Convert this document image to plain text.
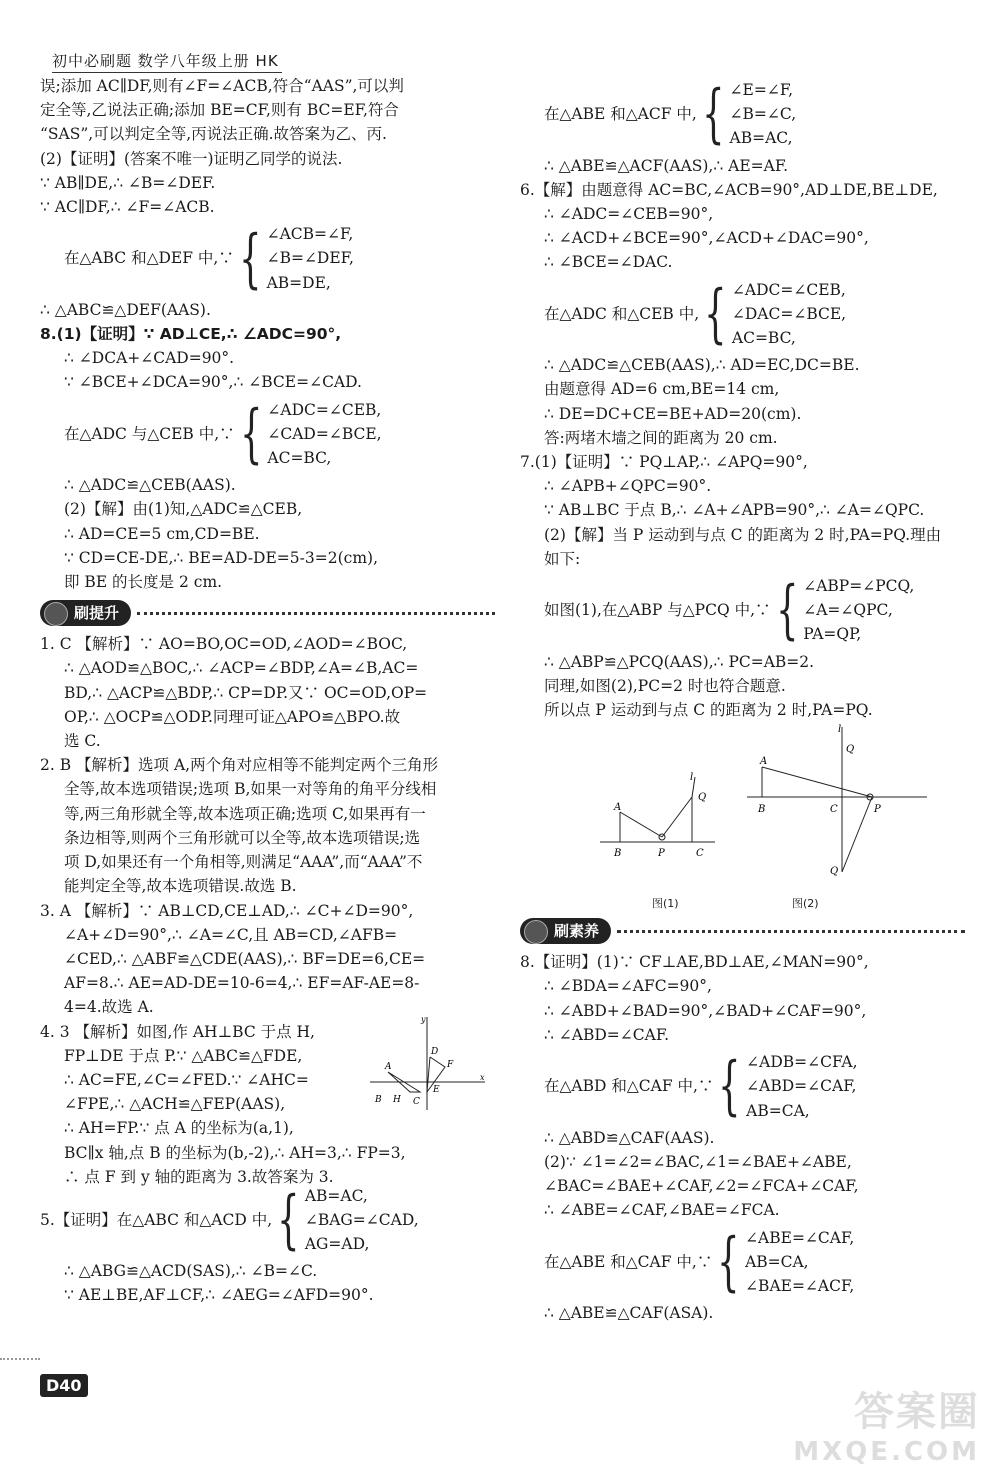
初中必刷题 数学八年级上册 HK
误;添加 AC∥DF,则有∠F=∠ACB,符合“AAS”,可以判
定全等,乙说法正确;添加 BE=CF,则有 BC=EF,符合
“SAS”,可以判定全等,丙说法正确.故答案为乙、丙.
(2)【证明】(答案不唯一)证明乙同学的说法.
∵ AB∥DE,∴ ∠B=∠DEF.
∵ AC∥DF,∴ ∠F=∠ACB.
在△ABC 和△DEF 中,∵ { ∠ACB=∠F,
∠B=∠DEF,
AB=DE,
∴ △ABC≌△DEF(AAS).
8.(1)【证明】∵ AD⊥CE,∴ ∠ADC=90°,
∴ ∠DCA+∠CAD=90°.
∵ ∠BCE+∠DCA=90°,∴ ∠BCE=∠CAD.
在△ADC 与△CEB 中,∵ { ∠ADC=∠CEB,
∠CAD=∠BCE,
AC=BC,
∴ △ADC≌△CEB(AAS).
(2)【解】由(1)知,△ADC≌△CEB,
∴ AD=CE=5 cm,CD=BE.
∵ CD=CE-DE,∴ BE=AD-DE=5-3=2(cm),
即 BE 的长度是 2 cm.
刷提升
1. C 【解析】∵ AO=BO,OC=OD,∠AOD=∠BOC,
∴ △AOD≌△BOC,∴ ∠ACP=∠BDP,∠A=∠B,AC=
BD,∴ △ACP≌△BDP,∴ CP=DP.又∵ OC=OD,OP=
OP,∴ △OCP≌△ODP.同理可证△APO≌△BPO.故
选 C.
2. B 【解析】选项 A,两个角对应相等不能判定两个三角形
全等,故本选项错误;选项 B,如果一对等角的角平分线相
等,两三角形就全等,故本选项正确;选项 C,如果再有一
条边相等,则两个三角形就可以全等,故本选项错误;选
项 D,如果还有一个角相等,则满足“AAA”,而“AAA”不
能判定全等,故本选项错误.故选 B.
3. A 【解析】∵ AB⊥CD,CE⊥AD,∴ ∠C+∠D=90°,
∠A+∠D=90°,∴ ∠A=∠C,且 AB=CD,∠AFB=
∠CED,∴ △ABF≌△CDE(AAS),∴ BF=DE=6,CE=
AF=8.∴ AE=AD-DE=10-6=4,∴ EF=AF-AE=8-
4=4.故选 A.
4. 3 【解析】如图,作 AH⊥BC 于点 H,
FP⊥DE 于点 P.∵ △ABC≌△FDE,
∴ AC=FE,∠C=∠FED.∵ ∠AHC=
∠FPE,∴ △ACH≌△FEP(AAS),
∴ AH=FP.∵ 点 A 的坐标为(a,1),
A
B H C
D
F
E
x
y
BC∥x 轴,点 B 的坐标为(b,-2),∴ AH=3,∴ FP=3,
∴ 点 F 到 y 轴的距离为 3.故答案为 3.
5.【证明】在△ABC 和△ACD 中, { AB=AC,
∠BAG=∠CAD,
AG=AD,
∴ △ABG≌△ACD(SAS),∴ ∠B=∠C.
∵ AE⊥BE,AF⊥CF,∴ ∠AEG=∠AFD=90°.
在△ABE 和△ACF 中, { ∠E=∠F,
∠B=∠C,
AB=AC,
∴ △ABE≌△ACF(AAS),∴ AE=AF.
6.【解】由题意得 AC=BC,∠ACB=90°,AD⊥DE,BE⊥DE,
∴ ∠ADC=∠CEB=90°,
∴ ∠ACD+∠BCE=90°,∠ACD+∠DAC=90°,
∴ ∠BCE=∠DAC.
在△ADC 和△CEB 中, { ∠ADC=∠CEB,
∠DAC=∠BCE,
AC=BC,
∴ △ADC≌△CEB(AAS),∴ AD=EC,DC=BE.
由题意得 AD=6 cm,BE=14 cm,
∴ DE=DC+CE=BE+AD=20(cm).
答:两堵木墙之间的距离为 20 cm.
7.(1)【证明】∵ PQ⊥AP,∴ ∠APQ=90°,
∴ ∠APB+∠QPC=90°.
∵ AB⊥BC 于点 B,∴ ∠A+∠APB=90°,∴ ∠A=∠QPC.
(2)【解】当 P 运动到与点 C 的距离为 2 时,PA=PQ.理由
如下:
如图(1),在△ABP 与△PCQ 中,∵ { ∠ABP=∠PCQ,
∠A=∠QPC,
PA=QP,
∴ △ABP≌△PCQ(AAS),∴ PC=AB=2.
同理,如图(2),PC=2 时也符合题意.
所以点 P 运动到与点 C 的距离为 2 时,PA=PQ.
A
B	P	C
Q
l
图(1)
A
B	C	P
Q
Q
l
图(2)
刷素养
8.【证明】(1)∵ CF⊥AE,BD⊥AE,∠MAN=90°,
∴ ∠BDA=∠AFC=90°,
∴ ∠ABD+∠BAD=90°,∠BAD+∠CAF=90°,
∴ ∠ABD=∠CAF.
在△ABD 和△CAF 中,∵ { ∠ADB=∠CFA,
∠ABD=∠CAF,
AB=CA,
∴ △ABD≌△CAF(AAS).
(2)∵ ∠1=∠2=∠BAC,∠1=∠BAE+∠ABE,
∠BAC=∠BAE+∠CAF,∠2=∠FCA+∠CAF,
∴ ∠ABE=∠CAF,∠BAE=∠FCA.
在△ABE 和△CAF 中,∵ { ∠ABE=∠CAF,
AB=CA,
∠BAE=∠ACF,
∴ △ABE≌△CAF(ASA).
D40
答案圈
MXQE.COM
